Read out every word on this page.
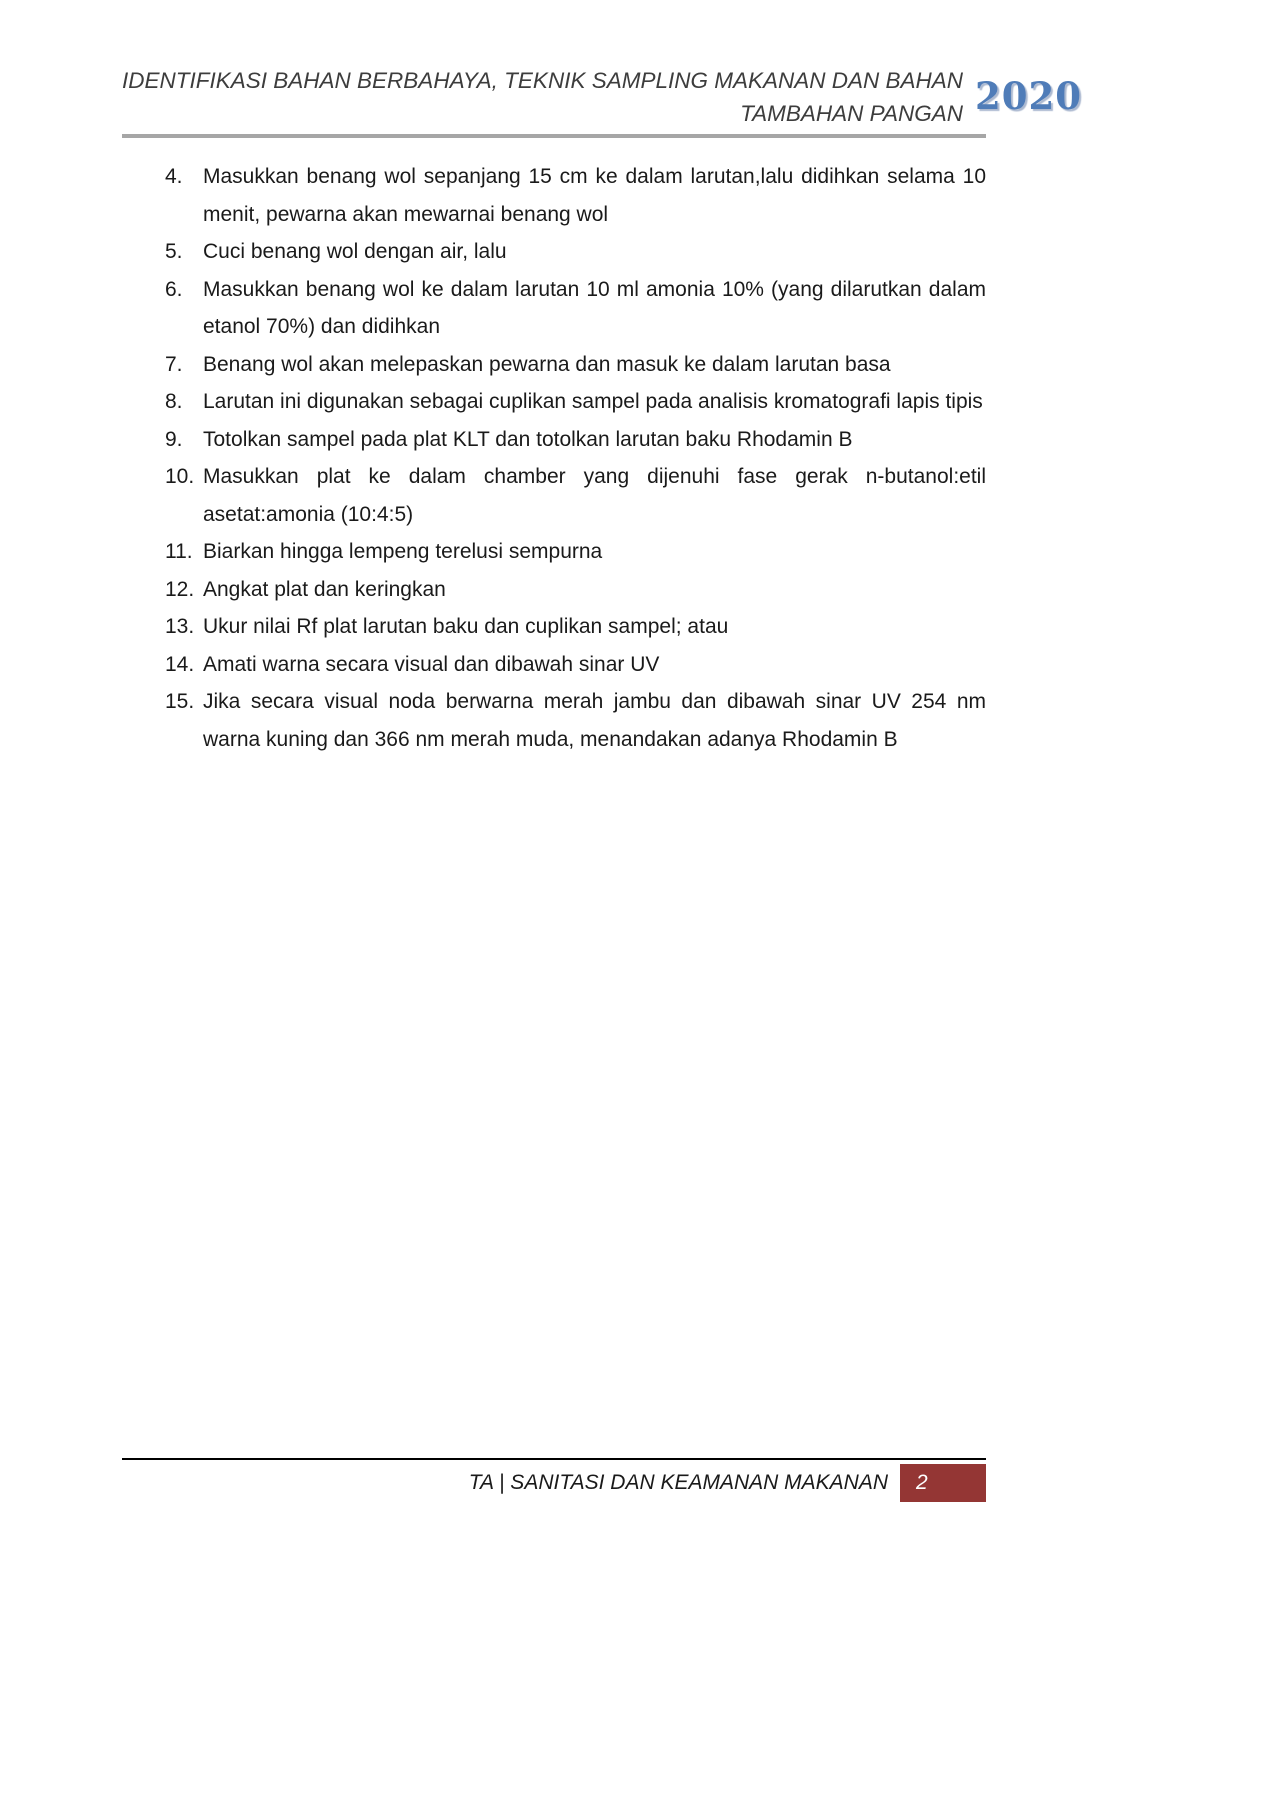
IDENTIFIKASI BAHAN BERBAHAYA, TEKNIK SAMPLING MAKANAN DAN BAHAN
TAMBAHAN PANGAN 2020
4. Masukkan benang wol sepanjang 15 cm ke dalam larutan,lalu didihkan selama 10 menit, pewarna akan mewarnai benang wol
5. Cuci benang wol dengan air, lalu
6. Masukkan benang wol ke dalam larutan 10 ml amonia 10% (yang dilarutkan dalam etanol 70%) dan didihkan
7. Benang wol akan melepaskan pewarna dan masuk ke dalam larutan basa
8. Larutan ini digunakan sebagai cuplikan sampel pada analisis kromatografi lapis tipis
9. Totolkan sampel pada plat KLT dan totolkan larutan baku Rhodamin B
10. Masukkan plat ke dalam chamber yang dijenuhi fase gerak n-butanol:etil asetat:amonia (10:4:5)
11. Biarkan hingga lempeng terelusi sempurna
12. Angkat plat dan keringkan
13. Ukur nilai Rf plat larutan baku dan cuplikan sampel; atau
14. Amati warna secara visual dan dibawah sinar UV
15. Jika secara visual noda berwarna merah jambu dan dibawah sinar UV 254 nm warna kuning dan 366 nm merah muda, menandakan adanya Rhodamin B
TA | SANITASI DAN KEAMANAN MAKANAN 2
